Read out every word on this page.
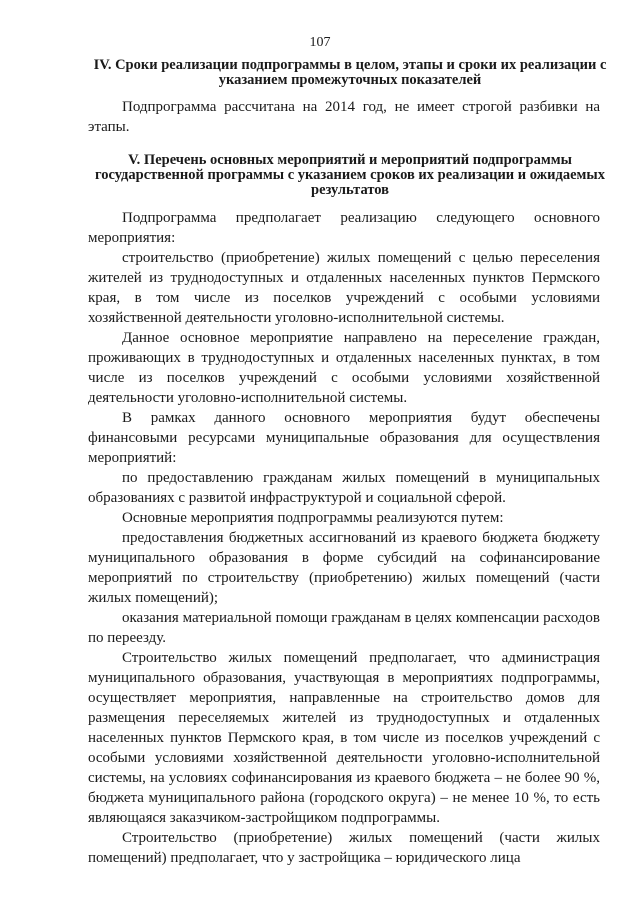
107
IV. Сроки реализации подпрограммы в целом, этапы и сроки их реализации с указанием промежуточных показателей
Подпрограмма рассчитана на 2014 год, не имеет строгой разбивки на этапы.
V. Перечень основных мероприятий и мероприятий подпрограммы государственной программы с указанием сроков их реализации и ожидаемых результатов
Подпрограмма предполагает реализацию следующего основного мероприятия:
строительство (приобретение) жилых помещений с целью переселения жителей из труднодоступных и отдаленных населенных пунктов Пермского края, в том числе из поселков учреждений с особыми условиями хозяйственной деятельности уголовно-исполнительной системы.
Данное основное мероприятие направлено на переселение граждан, проживающих в труднодоступных и отдаленных населенных пунктах, в том числе из поселков учреждений с особыми условиями хозяйственной деятельности уголовно-исполнительной системы.
В рамках данного основного мероприятия будут обеспечены финансовыми ресурсами муниципальные образования для осуществления мероприятий:
по предоставлению гражданам жилых помещений в муниципальных образованиях с развитой инфраструктурой и социальной сферой.
Основные мероприятия подпрограммы реализуются путем:
предоставления бюджетных ассигнований из краевого бюджета бюджету муниципального образования в форме субсидий на софинансирование мероприятий по строительству (приобретению) жилых помещений (части жилых помещений);
оказания материальной помощи гражданам в целях компенсации расходов по переезду.
Строительство жилых помещений предполагает, что администрация муниципального образования, участвующая в мероприятиях подпрограммы, осуществляет мероприятия, направленные на строительство домов для размещения переселяемых жителей из труднодоступных и отдаленных населенных пунктов Пермского края, в том числе из поселков учреждений с особыми условиями хозяйственной деятельности уголовно-исполнительной системы, на условиях софинансирования из краевого бюджета – не более 90 %, бюджета муниципального района (городского округа) – не менее 10 %, то есть являющаяся заказчиком-застройщиком подпрограммы.
Строительство (приобретение) жилых помещений (части жилых помещений) предполагает, что у застройщика – юридического лица
